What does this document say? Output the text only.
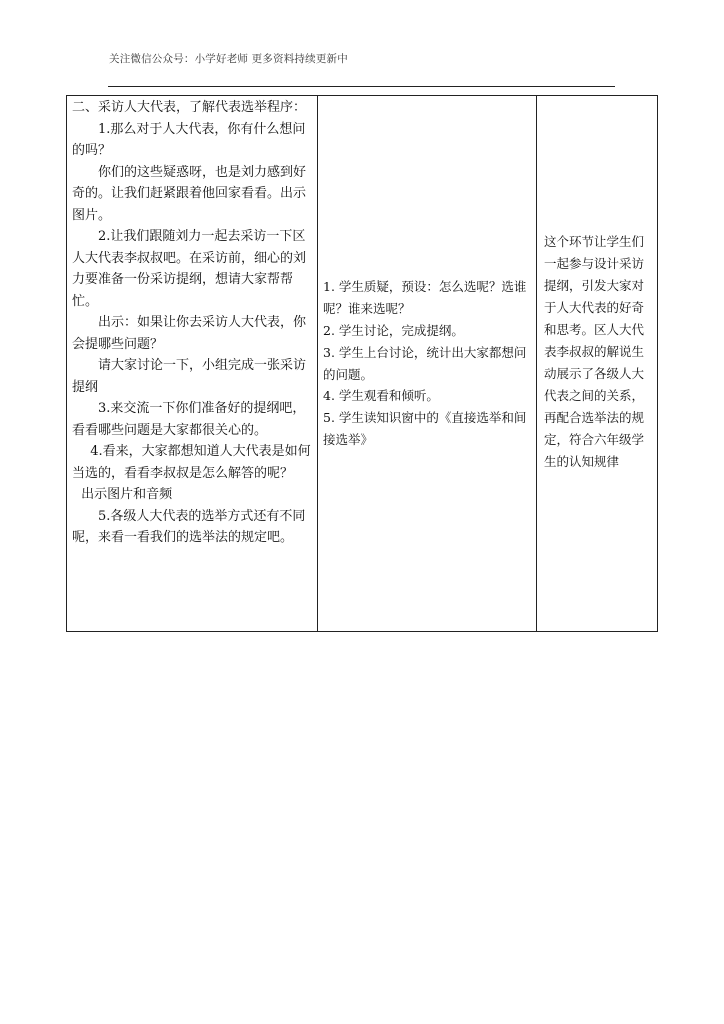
关注微信公众号：小学好老师 更多资料持续更新中

二、采访人大代表，了解代表选举程序：

1.那么对于人大代表，你有什么想问的吗？

你们的这些疑惑呀，也是刘力感到好奇的。让我们赶紧跟着他回家看看。出示图片。

2.让我们跟随刘力一起去采访一下区人大代表李叔叔吧。在采访前，细心的刘力要准备一份采访提纲，想请大家帮帮忙。

出示：如果让你去采访人大代表，你会提哪些问题？

请大家讨论一下，小组完成一张采访提纲

3.来交流一下你们准备好的提纲吧，看看哪些问题是大家都很关心的。

4.看来，大家都想知道人大代表是如何当选的，看看李叔叔是怎么解答的呢？

出示图片和音频

5.各级人大代表的选举方式还有不同呢，来看一看我们的选举法的规定吧。

1. 学生质疑，预设：怎么选呢？选谁呢？谁来选呢？

2. 学生讨论，完成提纲。

3. 学生上台讨论，统计出大家都想问的问题。

4. 学生观看和倾听。

5. 学生读知识窗中的《直接选举和间接选举》

这个环节让学生们一起参与设计采访提纲，引发大家对于人大代表的好奇和思考。区人大代表李叔叔的解说生动展示了各级人大代表之间的关系，再配合选举法的规定，符合六年级学生的认知规律
